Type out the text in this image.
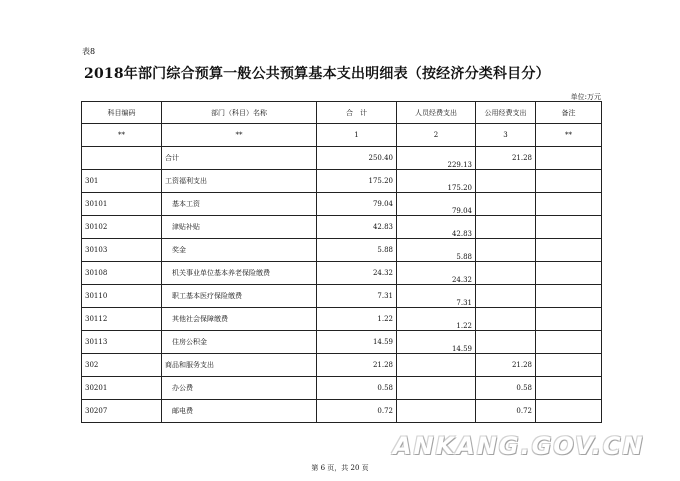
表8
2018年部门综合预算一般公共预算基本支出明细表（按经济分类科目分）
单位:万元
科目编码	部门（科目）名称	合　计	人员经费支出	公用经费支出	备注
**	**	1	2	3	**
	合计	250.40	229.13	21.28	
301	工资福利支出	175.20	175.20		
30101	基本工资	79.04	79.04		
30102	津贴补贴	42.83	42.83		
30103	奖金	5.88	5.88		
30108	机关事业单位基本养老保险缴费	24.32	24.32		
30110	职工基本医疗保险缴费	7.31	7.31		
30112	其他社会保障缴费	1.22	1.22		
30113	住房公积金	14.59	14.59		
302	商品和服务支出	21.28		21.28	
30201	办公费	0.58		0.58	
30207	邮电费	0.72		0.72	
ANKANG.GOV.CN
第 6 页，共 20 页
